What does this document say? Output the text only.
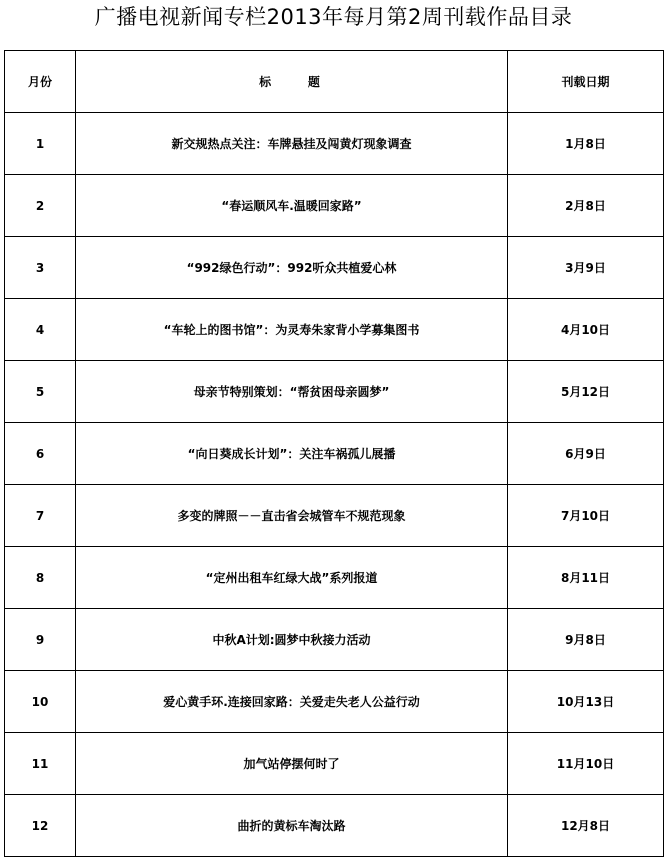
广播电视新闻专栏2013年每月第2周刊载作品目录
月份	标    题	刊载日期
1	新交规热点关注：车牌悬挂及闯黄灯现象调查	1月8日
2	“春运顺风车.温暖回家路”	2月8日
3	“992绿色行动”：992听众共植爱心林	3月9日
4	“车轮上的图书馆”：为灵寿朱家背小学募集图书	4月10日
5	母亲节特别策划：“帮贫困母亲圆梦”	5月12日
6	“向日葵成长计划”：关注车祸孤儿展播	6月9日
7	多变的牌照－－直击省会城管车不规范现象	7月10日
8	“定州出租车红绿大战”系列报道	8月11日
9	中秋A计划:圆梦中秋接力活动	9月8日
10	爱心黄手环.连接回家路：关爱走失老人公益行动	10月13日
11	加气站停摆何时了	11月10日
12	曲折的黄标车淘汰路	12月8日
